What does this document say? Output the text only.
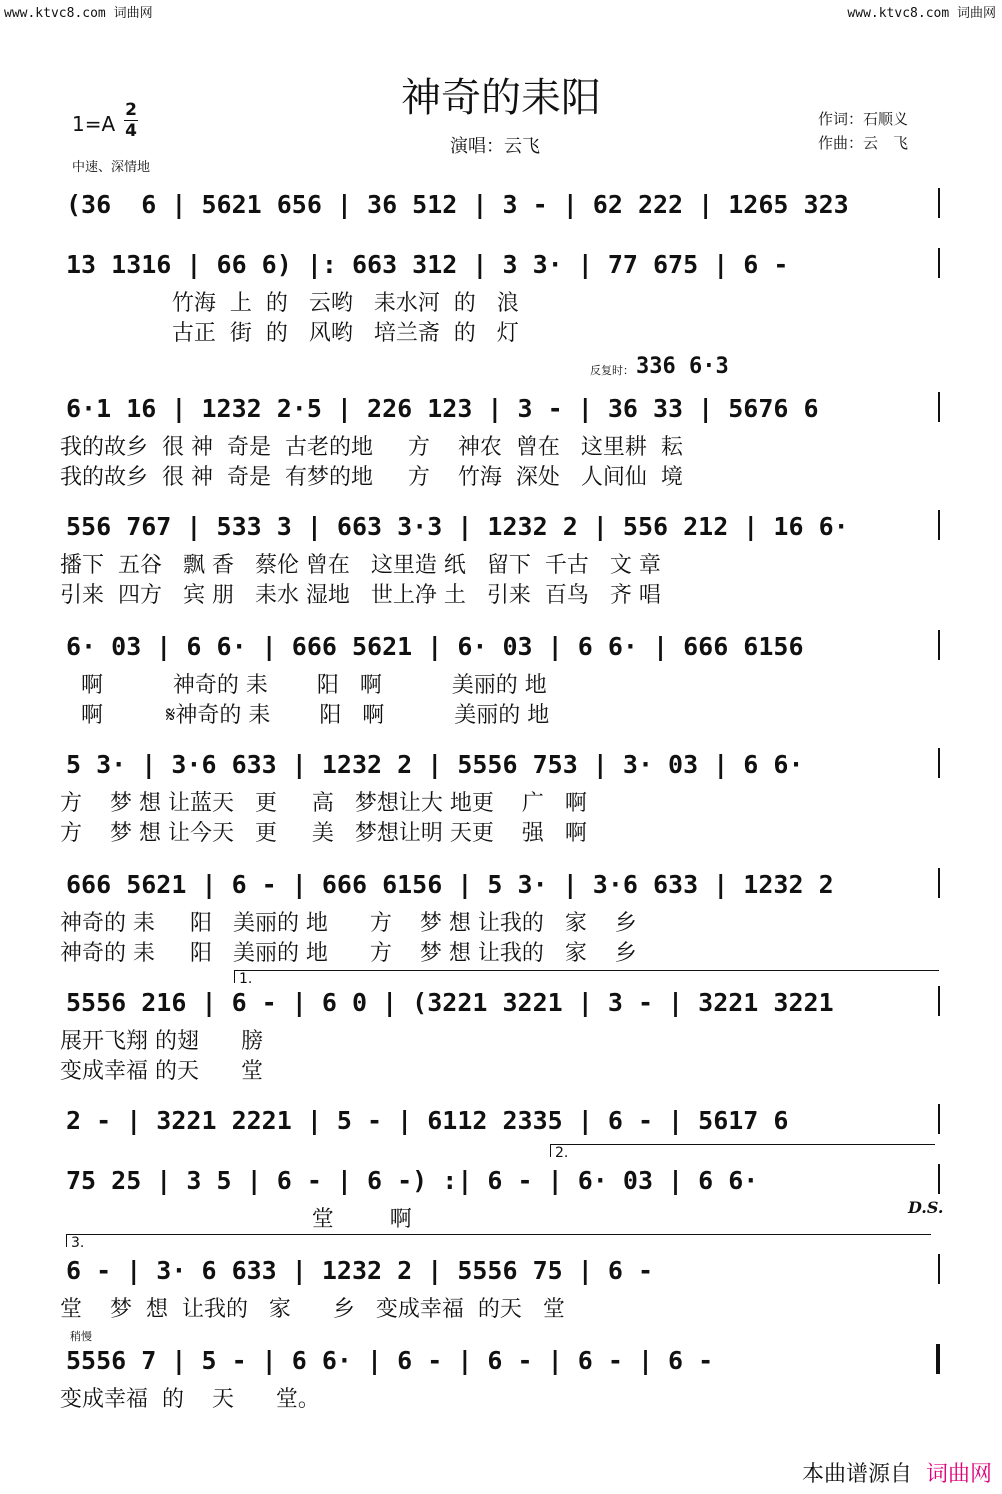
www.ktvc8.com 词曲网	www.ktvc8.com 词曲网
神奇的耒阳
1=A
2
4
中速、深情地
演唱：云飞
作词：石顺义
作曲：云　飞
(36  6 | 5621 656 | 36 512 | 3 - | 62 222 | 1265 323
13 1316 | 66 6) |: 663 312 | 3 3· | 77 675 | 6 -
竹海  上  的   云哟   耒水河  的   浪
古正  街  的   风哟   培兰斋  的   灯
反复时： 336 6·3
6·1 16 | 1232 2·5 | 226 123 | 3 - | 36 33 | 5676 6
我的故乡  很 神  奇是  古老的地     方    神农  曾在   这里耕  耘
我的故乡  很 神  奇是  有梦的地     方    竹海  深处   人间仙  境
556 767 | 533 3 | 663 3·3 | 1232 2 | 556 212 | 16 6·
播下  五谷   飘 香   蔡伦 曾在   这里造 纸   留下  千古   文 章
引来  四方   宾 朋   耒水 湿地   世上净 土   引来  百鸟   齐 唱
6· 03 | 6 6· | 666 5621 | 6· 03 | 6 6· | 666 6156
啊          神奇的 耒       阳   啊          美丽的 地
啊         𝄋神奇的 耒       阳   啊          美丽的 地
5 3· | 3·6 633 | 1232 2 | 5556 753 | 3· 03 | 6 6·
方    梦 想 让蓝天   更     高   梦想让大 地更    广   啊
方    梦 想 让今天   更     美   梦想让明 天更    强   啊
666 5621 | 6 - | 666 6156 | 5 3· | 3·6 633 | 1232 2
神奇的 耒     阳   美丽的 地      方    梦 想 让我的   家    乡
神奇的 耒     阳   美丽的 地      方    梦 想 让我的   家    乡
1.
5556 216 | 6 - | 6 0 | (3221 3221 | 3 - | 3221 3221
展开飞翔 的翅      膀
变成幸福 的天      堂
2 - | 3221 2221 | 5 - | 6112 2335 | 6 - | 5617 6
2.
75 25 | 3 5 | 6 - | 6 -) :| 6 - | 6· 03 | 6 6·
堂        啊	D.S.
3.
6 - | 3· 6 633 | 1232 2 | 5556 75 | 6 -
堂    梦  想  让我的   家      乡   变成幸福  的天   堂
稍慢
5556 7 | 5 - | 6 6· | 6 - | 6 - | 6 - | 6 -
变成幸福  的    天      堂。
本曲谱源自 词曲网
